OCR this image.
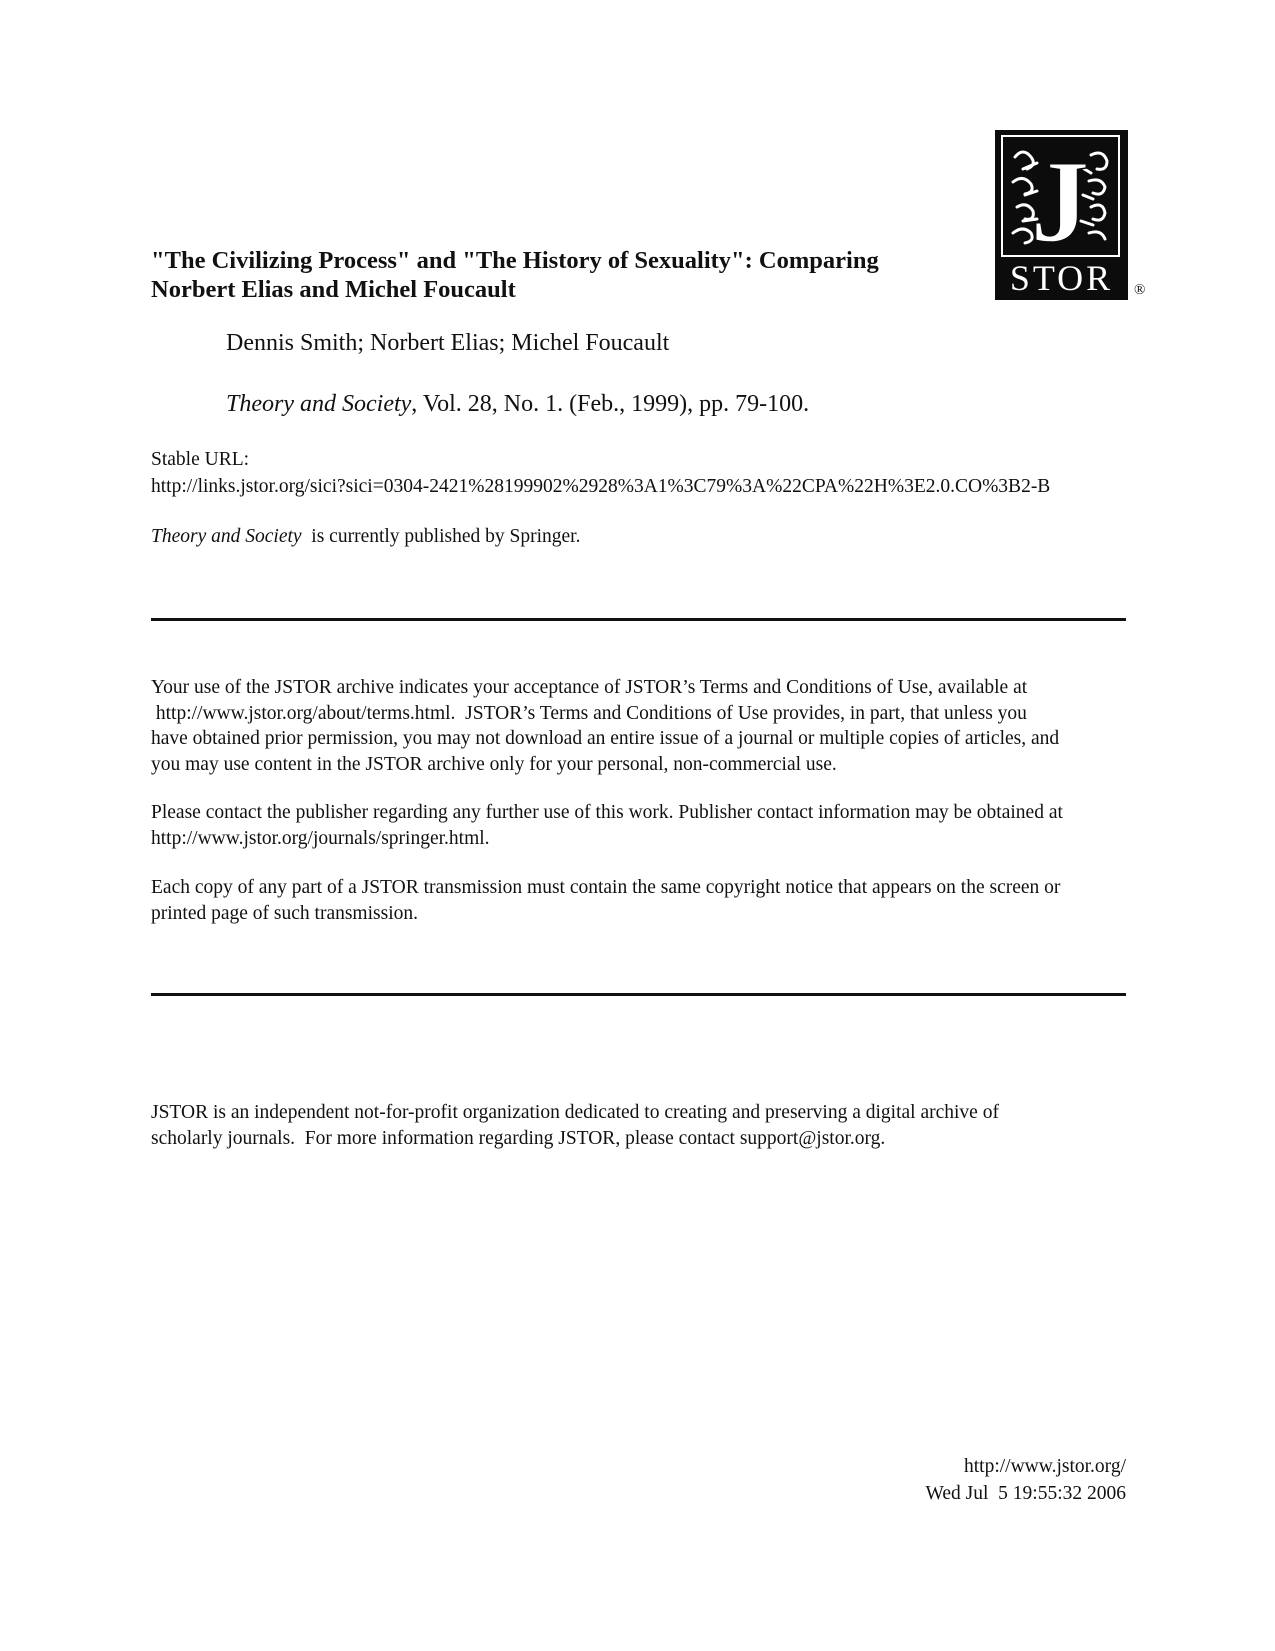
J
STOR	®
"The Civilizing Process" and "The History of Sexuality": Comparing
Norbert Elias and Michel Foucault
Dennis Smith; Norbert Elias; Michel Foucault
Theory and Society, Vol. 28, No. 1. (Feb., 1999), pp. 79-100.
Stable URL:
http://links.jstor.org/sici?sici=0304-2421%28199902%2928%3A1%3C79%3A%22CPA%22H%3E2.0.CO%3B2-B
Theory and Society  is currently published by Springer.
Your use of the JSTOR archive indicates your acceptance of JSTOR’s Terms and Conditions of Use, available at
http://www.jstor.org/about/terms.html.  JSTOR’s Terms and Conditions of Use provides, in part, that unless you
have obtained prior permission, you may not download an entire issue of a journal or multiple copies of articles, and
you may use content in the JSTOR archive only for your personal, non-commercial use.
Please contact the publisher regarding any further use of this work. Publisher contact information may be obtained at
http://www.jstor.org/journals/springer.html.
Each copy of any part of a JSTOR transmission must contain the same copyright notice that appears on the screen or
printed page of such transmission.
JSTOR is an independent not-for-profit organization dedicated to creating and preserving a digital archive of
scholarly journals.  For more information regarding JSTOR, please contact support@jstor.org.
http://www.jstor.org/
Wed Jul  5 19:55:32 2006
